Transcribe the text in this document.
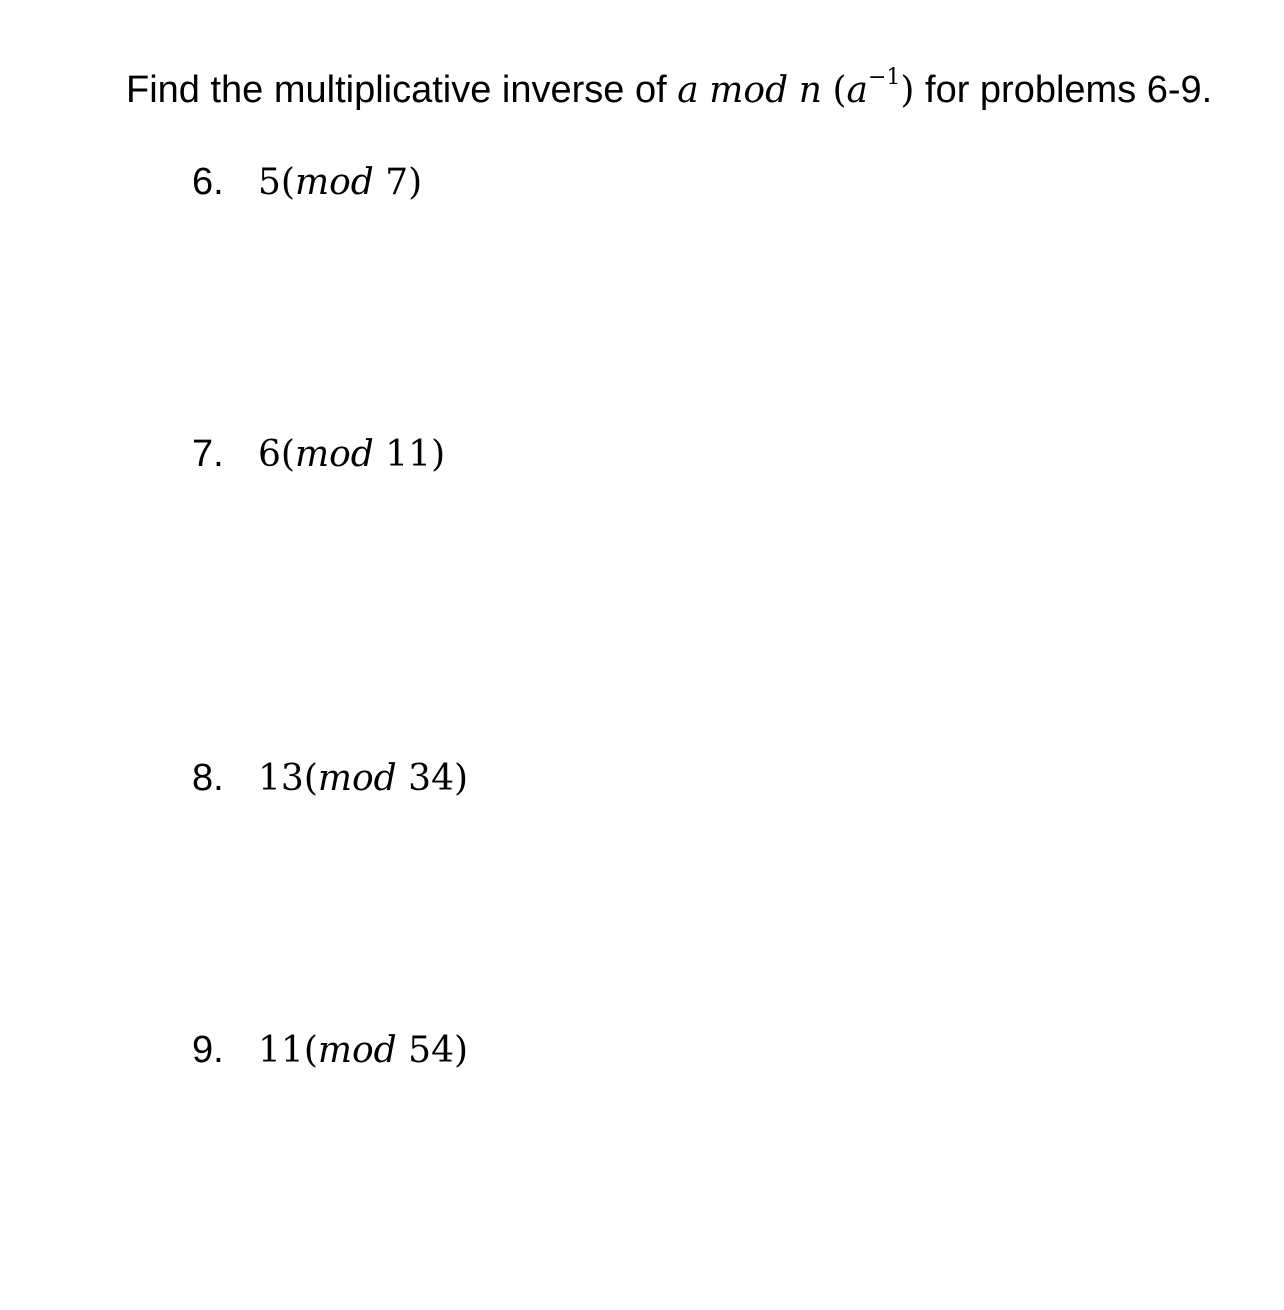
Find the multiplicative inverse of a mod n $(a^{-1})$ for problems 6-9.
6. 5(mod 7)
7. 6(mod 11)
8. 13(mod 34)
9. 11(mod 54)
